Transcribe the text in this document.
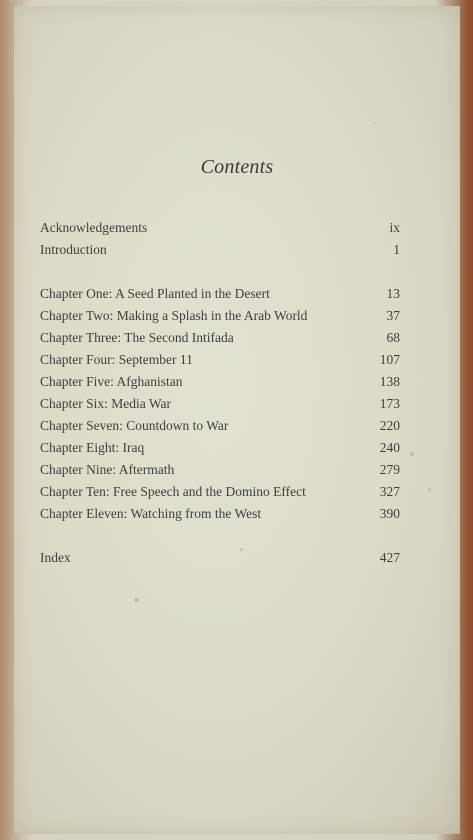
Contents
Acknowledgements	ix
Introduction	1
Chapter One: A Seed Planted in the Desert	13
Chapter Two: Making a Splash in the Arab World	37
Chapter Three: The Second Intifada	68
Chapter Four: September 11	107
Chapter Five: Afghanistan	138
Chapter Six: Media War	173
Chapter Seven: Countdown to War	220
Chapter Eight: Iraq	240
Chapter Nine: Aftermath	279
Chapter Ten: Free Speech and the Domino Effect	327
Chapter Eleven: Watching from the West	390
Index	427
